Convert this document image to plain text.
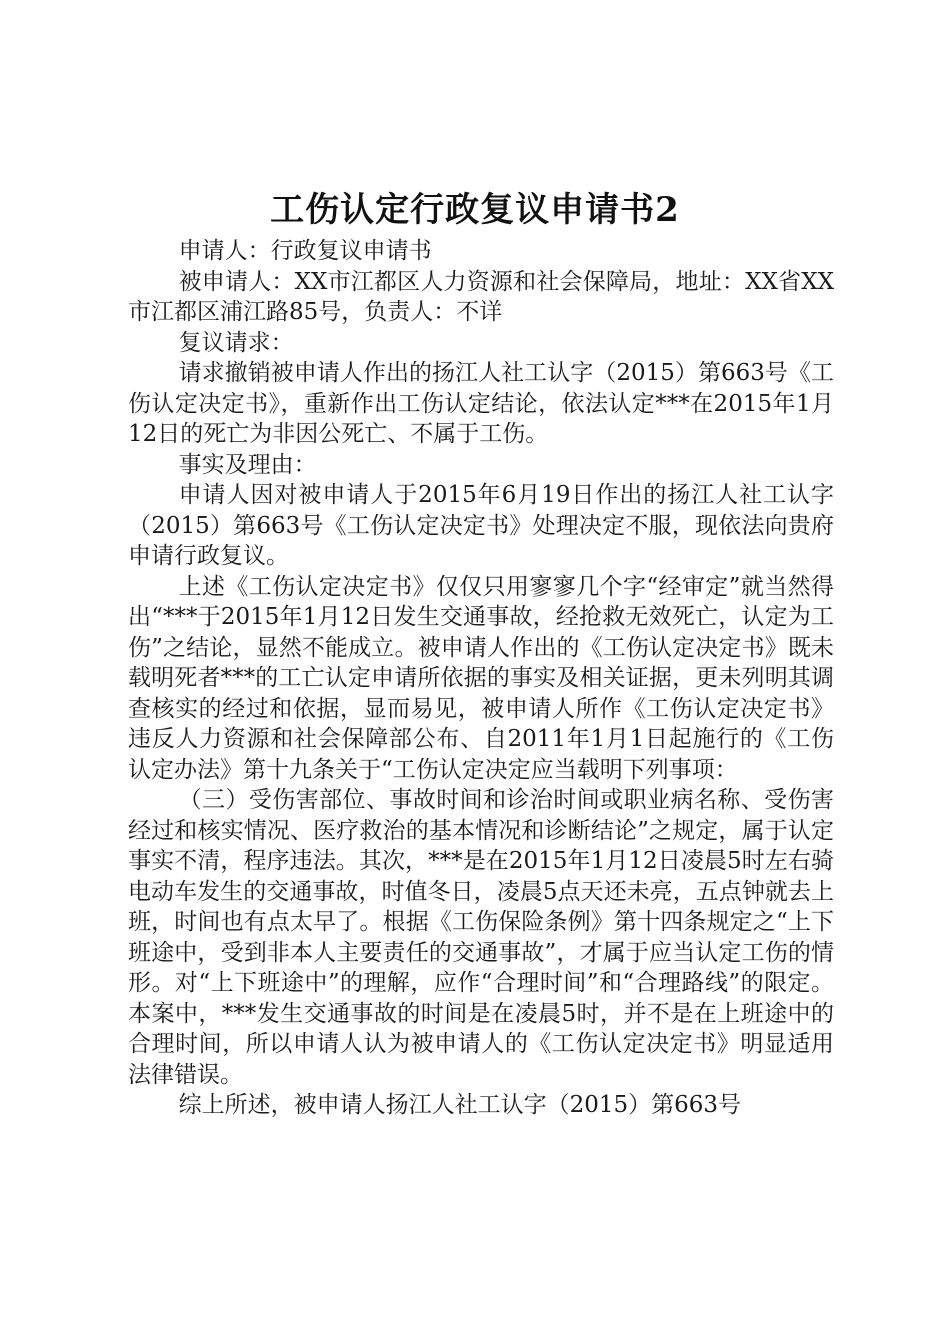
工伤认定行政复议申请书2

申请人：行政复议申请书

被申请人：XX市江都区人力资源和社会保障局，地址：XX省XX市江都区浦江路85号，负责人：不详

复议请求：

请求撤销被申请人作出的扬江人社工认字（2015）第663号《工伤认定决定书》，重新作出工伤认定结论，依法认定***在2015年1月12日的死亡为非因公死亡、不属于工伤。

事实及理由：

申请人因对被申请人于2015年6月19日作出的扬江人社工认字（2015）第663号《工伤认定决定书》处理决定不服，现依法向贵府申请行政复议。

上述《工伤认定决定书》仅仅只用寥寥几个字“经审定”就当然得出“***于2015年1月12日发生交通事故，经抢救无效死亡，认定为工伤”之结论，显然不能成立。被申请人作出的《工伤认定决定书》既未载明死者***的工亡认定申请所依据的事实及相关证据，更未列明其调查核实的经过和依据，显而易见，被申请人所作《工伤认定决定书》违反人力资源和社会保障部公布、自2011年1月1日起施行的《工伤认定办法》第十九条关于“工伤认定决定应当载明下列事项：

（三）受伤害部位、事故时间和诊治时间或职业病名称、受伤害经过和核实情况、医疗救治的基本情况和诊断结论”之规定，属于认定事实不清，程序违法。其次，***是在2015年1月12日凌晨5时左右骑电动车发生的交通事故，时值冬日，凌晨5点天还未亮，五点钟就去上班，时间也有点太早了。根据《工伤保险条例》第十四条规定之“上下班途中，受到非本人主要责任的交通事故”，才属于应当认定工伤的情形。对“上下班途中”的理解，应作“合理时间”和“合理路线”的限定。本案中，***发生交通事故的时间是在凌晨5时，并不是在上班途中的合理时间，所以申请人认为被申请人的《工伤认定决定书》明显适用法律错误。

综上所述，被申请人扬江人社工认字（2015）第663号
